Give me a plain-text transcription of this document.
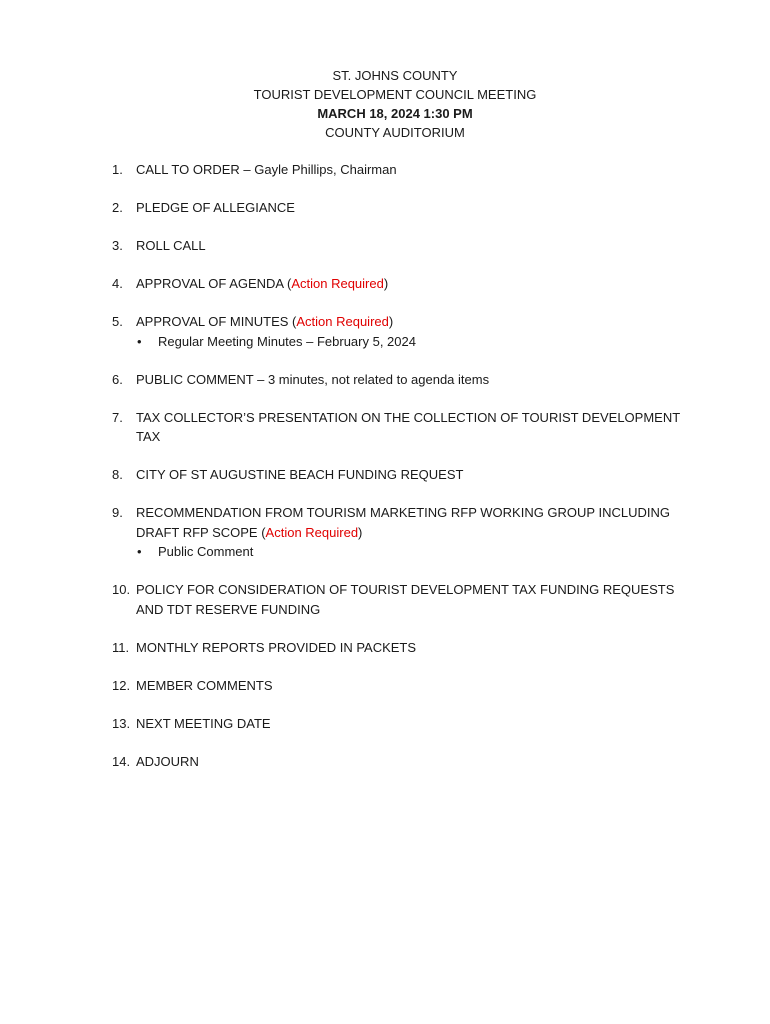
ST. JOHNS COUNTY
TOURIST DEVELOPMENT COUNCIL MEETING
MARCH 18, 2024 1:30 PM
COUNTY AUDITORIUM
1. CALL TO ORDER – Gayle Phillips, Chairman
2. PLEDGE OF ALLEGIANCE
3. ROLL CALL
4. APPROVAL OF AGENDA (Action Required)
5. APPROVAL OF MINUTES (Action Required)
• Regular Meeting Minutes – February 5, 2024
6. PUBLIC COMMENT – 3 minutes, not related to agenda items
7. TAX COLLECTOR’S PRESENTATION ON THE COLLECTION OF TOURIST DEVELOPMENT TAX
8. CITY OF ST AUGUSTINE BEACH FUNDING REQUEST
9. RECOMMENDATION FROM TOURISM MARKETING RFP WORKING GROUP INCLUDING DRAFT RFP SCOPE (Action Required)
• Public Comment
10. POLICY FOR CONSIDERATION OF TOURIST DEVELOPMENT TAX FUNDING REQUESTS AND TDT RESERVE FUNDING
11. MONTHLY REPORTS PROVIDED IN PACKETS
12. MEMBER COMMENTS
13. NEXT MEETING DATE
14. ADJOURN
